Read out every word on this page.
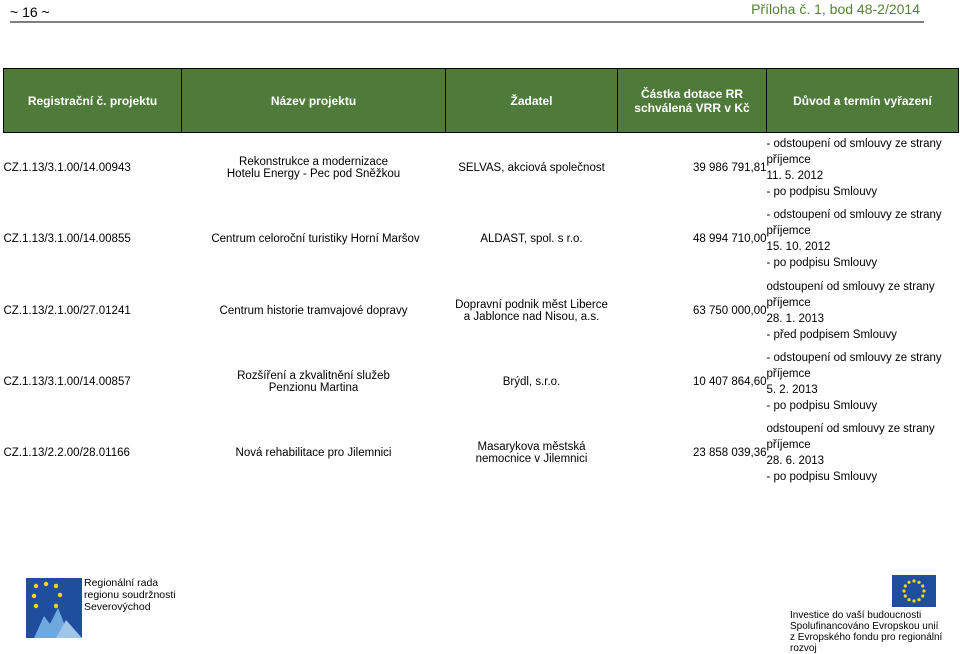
~ 16 ~	Příloha č. 1, bod 48-2/2014
Registrační č. projektu	Název projektu	Žadatel	Částka dotace RR schválená VRR v Kč	Důvod a termín vyřazení
CZ.1.13/3.1.00/14.00943	Rekonstrukce a modernizace Hotelu Energy - Pec pod Sněžkou	SELVAS, akciová společnost	39 986 791,81	- odstoupení od smlouvy ze strany příjemce
11. 5. 2012
- po podpisu Smlouvy

CZ.1.13/3.1.00/14.00855	Centrum celoroční turistiky Horní Maršov	ALDAST, spol. s r.o.	48 994 710,00	- odstoupení od smlouvy ze strany příjemce
15. 10. 2012
- po podpisu Smlouvy

CZ.1.13/2.1.00/27.01241	Centrum historie tramvajové dopravy	Dopravní podnik měst Liberce a Jablonce nad Nisou, a.s.	63 750 000,00	odstoupení od smlouvy ze strany příjemce
28. 1. 2013
- před podpisem Smlouvy

CZ.1.13/3.1.00/14.00857	Rozšíření a zkvalitnění služeb Penzionu Martina	Brýdl, s.r.o.	10 407 864,60	- odstoupení od smlouvy ze strany příjemce
5. 2. 2013
- po podpisu Smlouvy

CZ.1.13/2.2.00/28.01166	Nová rehabilitace pro Jilemnici	Masarykova městská nemocnice v Jilemnici	23 858 039,36	odstoupení od smlouvy ze strany příjemce
28. 6. 2013
- po podpisu Smlouvy
Regionální rada
regionu soudržnosti
Severovýchod
Investice do vaší budoucnosti
Spolufinancováno Evropskou unií
z Evropského fondu pro regionální rozvoj
